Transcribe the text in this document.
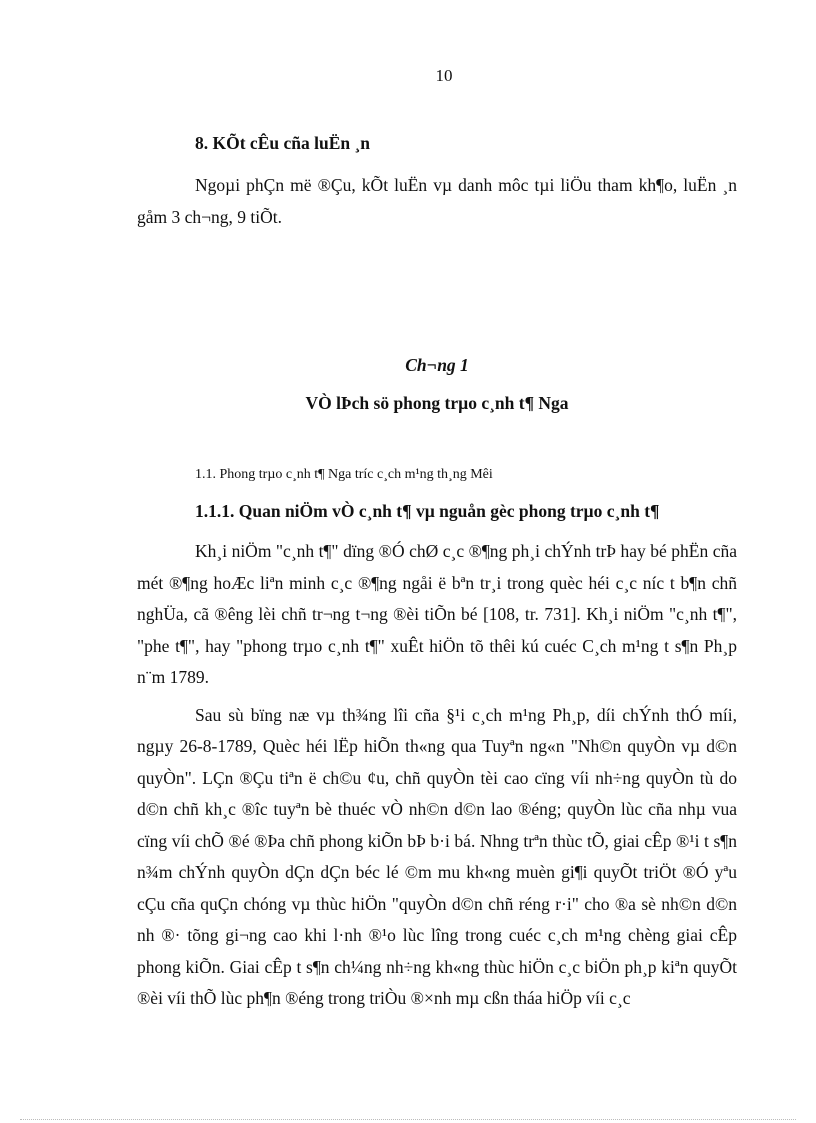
10
8. KÕt cÊu cña luËn ¸n

Ngoµi phÇn më ®Çu, kÕt luËn vµ danh môc tµi liÖu tham kh¶o, luËn ¸n gåm 3 ch¬ng, 9 tiÕt.

Ch¬ng 1
VÒ lÞch sö phong trµo c¸nh t¶ Nga
1.1. Phong trµo c¸nh t¶ Nga tríc c¸ch m¹ng th¸ng Mêi
1.1.1. Quan niÖm vÒ c¸nh t¶ vµ nguån gèc phong trµo c¸nh t¶

Kh¸i niÖm "c¸nh t¶" dïng ®Ó chØ c¸c ®¶ng ph¸i chÝnh trÞ hay bé phËn cña mét ®¶ng hoÆc liªn minh c¸c ®¶ng ngåi ë bªn tr¸i trong quèc héi c¸c níc t b¶n chñ nghÜa, cã ®êng lèi chñ tr¬ng t¬ng ®èi tiÕn bé [108, tr. 731]. Kh¸i niÖm "c¸nh t¶", "phe t¶", hay "phong trµo c¸nh t¶" xuÊt hiÖn tõ thêi kú cuéc C¸ch m¹ng t s¶n Ph¸p n¨m 1789.

Sau sù bïng næ vµ th¾ng lîi cña §¹i c¸ch m¹ng Ph¸p, díi chÝnh thÓ míi, ngµy 26-8-1789, Quèc héi lËp hiÕn th«ng qua Tuyªn ng«n "Nh©n quyÒn vµ d©n quyÒn". LÇn ®Çu tiªn ë ch©u ¢u, chñ quyÒn tèi cao cïng víi nh÷ng quyÒn tù do d©n chñ kh¸c ®îc tuyªn bè thuéc vÒ nh©n d©n lao ®éng; quyÒn lùc cña nhµ vua cïng víi chÕ ®é ®Þa chñ phong kiÕn bÞ b·i bá. Nhng trªn thùc tÕ, giai cÊp ®¹i t s¶n n¾m chÝnh quyÒn dÇn dÇn béc lé ©m mu kh«ng muèn gi¶i quyÕt triÖt ®Ó yªu cÇu cña quÇn chóng vµ thùc hiÖn "quyÒn d©n chñ réng r·i" cho ®a sè nh©n d©n nh ®· tõng gi¬ng cao khi l·nh ®¹o lùc lîng trong cuéc c¸ch m¹ng chèng giai cÊp phong kiÕn. Giai cÊp t s¶n ch¼ng nh÷ng kh«ng thùc hiÖn c¸c biÖn ph¸p kiªn quyÕt ®èi víi thÕ lùc ph¶n ®éng trong triÒu ®×nh mµ cßn tháa hiÖp víi c¸c
